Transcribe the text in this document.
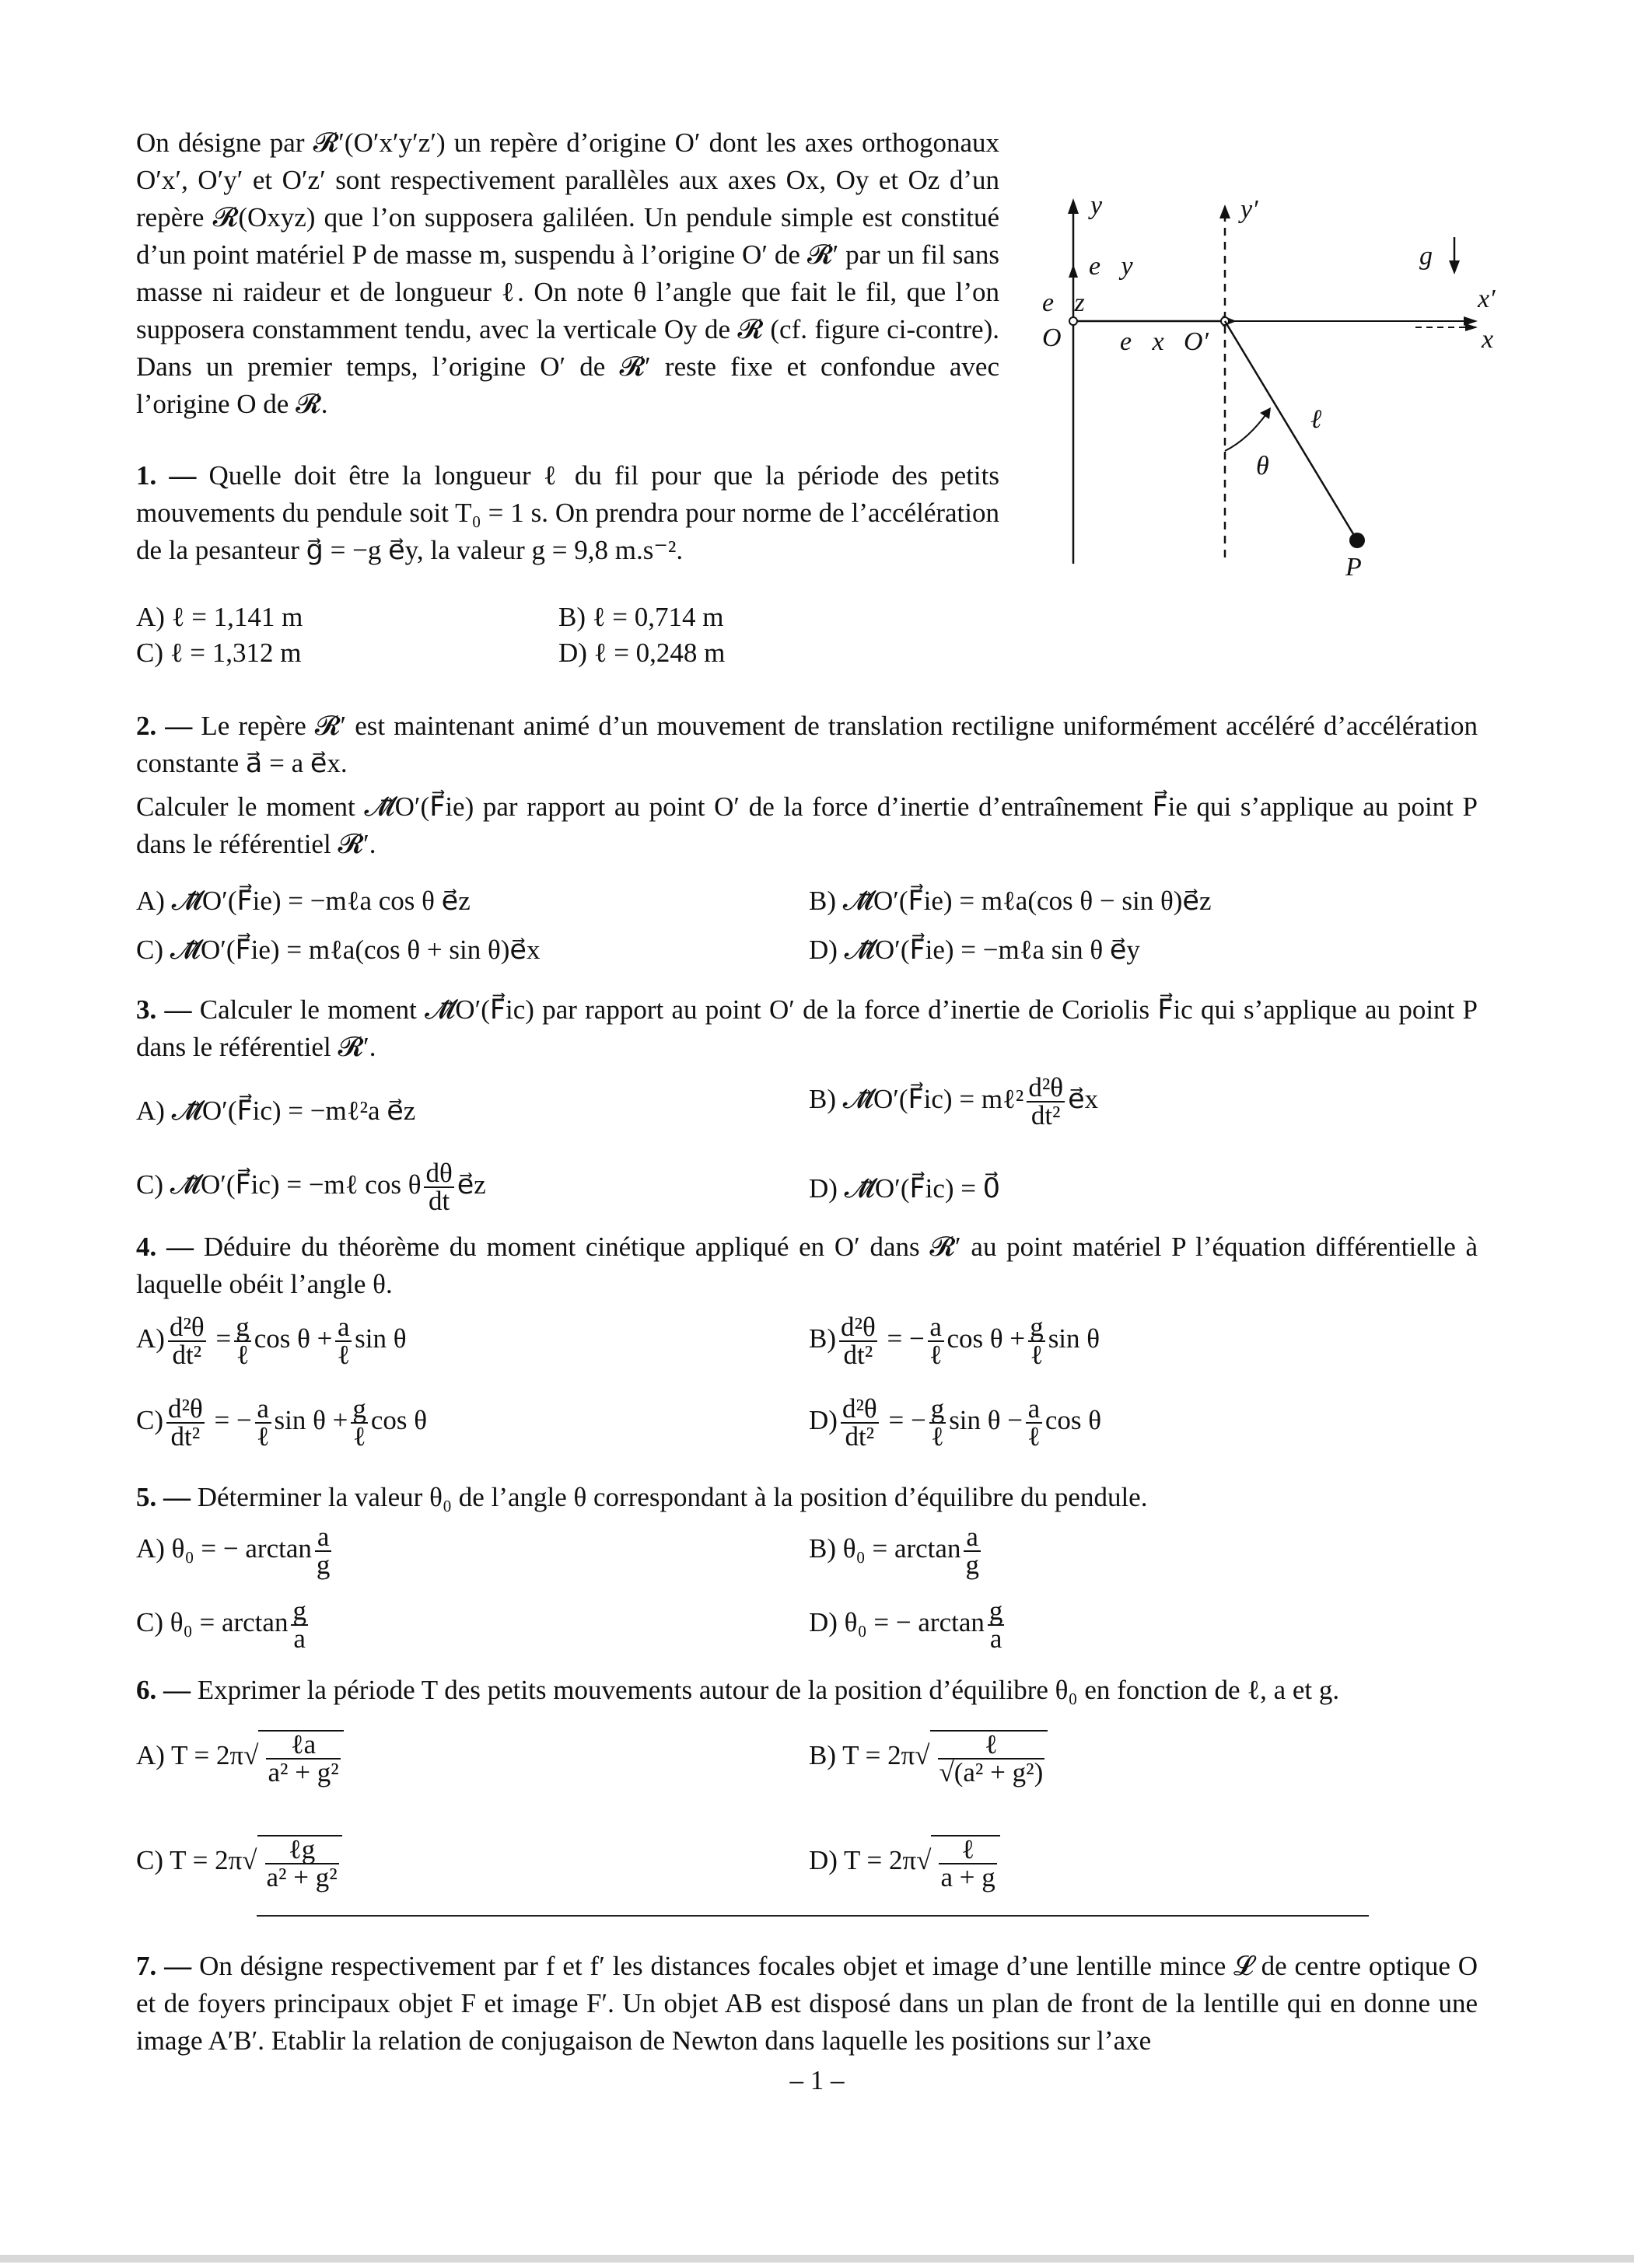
On désigne par 𝓡′(O′x′y′z′) un repère d’origine O′ dont les axes orthogonaux O′x′, O′y′ et O′z′ sont respectivement parallèles aux axes Ox, Oy et Oz d’un repère 𝓡(Oxyz) que l’on supposera galiléen. Un pendule simple est constitué d’un point matériel P de masse m, suspendu à l’origine O′ de 𝓡′ par un fil sans masse ni raideur et de longueur ℓ. On note θ l’angle que fait le fil, que l’on supposera constamment tendu, avec la verticale Oy de 𝓡 (cf. figure ci-contre). Dans un premier temps, l’origine O′ de 𝓡′ reste fixe et confondue avec l’origine O de 𝓡.

y	y′
e⃗y
e⃗z
O e⃗x O′
g⃗
x′
x
ℓ
θ
P

1. — Quelle doit être la longueur ℓ du fil pour que la période des petits mouvements du pendule soit T₀ = 1 s. On prendra pour norme de l’accélération de la pesanteur g⃗ = −g e⃗y, la valeur g = 9,8 m.s⁻².

A) ℓ = 1,141 m	B) ℓ = 0,714 m
C) ℓ = 1,312 m	D) ℓ = 0,248 m

2. — Le repère 𝓡′ est maintenant animé d’un mouvement de translation rectiligne uniformément accéléré d’accélération constante a⃗ = a e⃗x.

Calculer le moment 𝓜⃗O′(F⃗ie) par rapport au point O′ de la force d’inertie d’entraînement F⃗ie qui s’applique au point P dans le référentiel 𝓡′.

A) 𝓜⃗O′(F⃗ie) = −mℓa cos θ e⃗z	B) 𝓜⃗O′(F⃗ie) = mℓa(cos θ − sin θ)e⃗z
C) 𝓜⃗O′(F⃗ie) = mℓa(cos θ + sin θ)e⃗x	D) 𝓜⃗O′(F⃗ie) = −mℓa sin θ e⃗y

3. — Calculer le moment 𝓜⃗O′(F⃗ic) par rapport au point O′ de la force d’inertie de Coriolis F⃗ic qui s’applique au point P dans le référentiel 𝓡′.

A) 𝓜⃗O′(F⃗ic) = −mℓ²a e⃗z	B) 𝓜⃗O′(F⃗ic) = mℓ² $\frac{\text{d²θ}}{\text{dt²}}$ e⃗x
C) 𝓜⃗O′(F⃗ic) = −mℓ cos θ $\frac{d\theta}{dt}$ e⃗z	D) 𝓜⃗O′(F⃗ic) = 0⃗

4. — Déduire du théorème du moment cinétique appliqué en O′ dans 𝓡′ au point matériel P l’équation différentielle à laquelle obéit l’angle θ.

$A) \frac{\text{d²θ}}{\text{dt²}} = \frac{g}{\text{ℓ}}$ $\cos \theta + \frac{a}{\text{ℓ}}$ sin θ	$B) \frac{\text{d²θ}}{\text{dt²}}$ = − $\frac{a}{\text{ℓ}}$ $\cos \theta + \frac{g}{\text{ℓ}}$ sin θ
$C) \frac{\text{d²θ}}{\text{dt²}}$ = − $\frac{a}{\text{ℓ}}$ $\sin \theta + \frac{g}{\text{ℓ}}$ cos θ	$D) \frac{\text{d²θ}}{\text{dt²}}$ = − $\frac{g}{\text{ℓ}}$ $\sin \theta - \frac{a}{\text{ℓ}}$ cos θ

5. — Déterminer la valeur θ₀ de l’angle θ correspondant à la position d’équilibre du pendule.

A) θ₀ = − $\arctan \frac{a}{g}$	B) $\theta_0 = \arctan \frac{a}{g}$
C) $\theta_0 = \arctan \frac{g}{a}$	D) θ₀ = − $\arctan \frac{g}{a}$

6. — Exprimer la période T des petits mouvements autour de la position d’équilibre θ₀ en fonction de ℓ, a et g.

A) $T = 2\pi√ \frac{\text{ℓa}}{\text{a² + g²}}$	B) $T = 2\pi√ \frac{\text{ℓ}}{\text{√(a² + g²)}}$
C) $T = 2\pi√ \frac{\text{ℓg}}{\text{a² + g²}}$	D) $T = 2\pi√ \frac{\text{ℓ}}{a + g}$

7. — On désigne respectivement par f et f′ les distances focales objet et image d’une lentille mince 𝓛 de centre optique O et de foyers principaux objet F et image F′. Un objet AB est disposé dans un plan de front de la lentille qui en donne une image A′B′. Etablir la relation de conjugaison de Newton dans laquelle les positions sur l’axe

– 1 –
